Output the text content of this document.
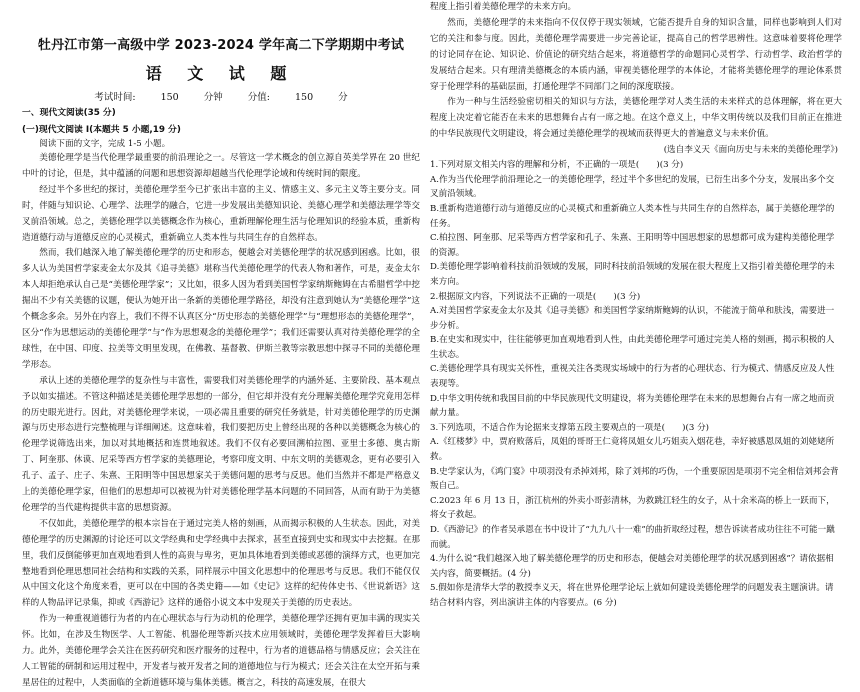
牡丹江市第一高级中学 2023-2024 学年高二下学期期中考试
语 文 试 题
考试时间: 150 分钟	分值: 150 分
一、现代文阅读(35 分)
(一)现代文阅读 I(本题共 5 小题,19 分)

阅读下面的文字，完成 1-5 小题。

美德伦理学是当代伦理学最重要的前沿理论之一。尽管这一学术概念的创立源自英美学界在 20 世纪中叶的讨论，但是，其中蕴涵的问题和思想资源却超越当代伦理学论域和传统时间的限度。

经过半个多世纪的探讨，美德伦理学至今已扩张出丰富的主义、情感主义、多元主义等主要分支。同时，伴随与知识论、心理学、法理学的融合，它进一步发展出美德知识论、美德心理学和美德法理学等交叉前沿领域。总之，美德伦理学以美德概念作为核心，重新理解伦理生活与伦理知识的经验本质，重新构造道德行动与道德反应的心灵模式，重新确立人类本性与共同生存的自然样态。

然而，我们越深入地了解美德伦理学的历史和形态，便越会对美德伦理学的状况感到困惑。比如，很多人认为美国哲学家麦金太尔及其《追寻美德》堪称当代美德伦理学的代表人物和著作，可是，麦金太尔本人却拒绝承认自己是“美德伦理学家”；又比如，很多人因为看到美国哲学家纳斯鲍姆在古希腊哲学中挖掘出不少有关美德的议题，便认为她开出一条新的美德伦理学路径，却没有注意到她认为“美德伦理学”这个概念多余。另外在内容上，我们不得不认真区分“历史形态的美德伦理学”与“理想形态的美德伦理学”，区分“作为思想运动的美德伦理学”与“作为思想观念的美德伦理学”；我们还需要认真对待美德伦理学的全球性，在中国、印度、拉美等文明里发现，在佛教、基督教、伊斯兰教等宗教思想中探寻不同的美德伦理学形态。

承认上述的美德伦理学的复杂性与丰富性，需要我们对美德伦理学的内涵外延、主要阶段、基本观点予以如实描述。不管这种描述是美德伦理学思想的一部分，但它却并没有充分理解美德伦理学究竟用怎样的历史眼光进行。因此，对美德伦理学来说，一项必需且重要的研究任务就是，针对美德伦理学的历史渊源与历史形态进行完整梳理与详细阐述。这意味着，我们要把历史上曾经出现的各种以美德概念为核心的伦理学说筛选出来，加以对其地概括和连贯地叙述。我们不仅有必要回溯柏拉图、亚里士多德、奥古斯丁、阿奎那、休谟、尼采等西方哲学家的美德理论，考察印度文明、中东文明的美德观念，更有必要引入孔子、孟子、庄子、朱熹、王阳明等中国思想家关于美德问题的思考与反思。他们当然并不都是严格意义上的美德伦理学家，但他们的思想却可以被视为针对美德伦理学基本问题的不同回答，从而有助于为美德伦理学的当代建构提供丰富的思想资源。

不仅如此，美德伦理学的根本宗旨在于通过完美人格的刻画，从而揭示积极的人生状态。因此，对美德伦理学的历史渊源的讨论还可以文学经典和史学经典中去探求，甚至直接到史实和现实中去挖掘。在那里，我们反倒能够更加直观地看到人性的高贵与卑劣，更加具体地看到美德或恶德的演绎方式，也更加完整地看到伦理思想同社会结构和实践的关系，同样展示中国文化思想中的伦理思考与反思。我们不能仅仅从中国文化这个角度来看，更可以在中国的各类史籍——如《史记》这样的纪传体史书、《世说新语》这样的人物品评记录集，抑或《西游记》这样的通俗小说文本中发现关于美德的历史表达。

作为一种重视道德行为者的内在心理状态与行为动机的伦理学，美德伦理学还拥有更加丰满的现实关怀。比如，在涉及生物医学、人工智能、机器伦理等新兴技术应用领域时，美德伦理学发挥着巨大影响力。此外，美德伦理学会关注在医药研究和医疗服务的过程中，行为者的道德品格与情感反应；会关注在人工智能的研制和运用过程中，开发者与被开发者之间的道德地位与行为模式；还会关注在太空开拓与乘星居住的过程中，人类面临的全新道德环境与集体美德。概言之，科技的高速发展，在很大

程度上指引着美德伦理学的未来方向。

然而，美德伦理学的未来指向不仅仅停于现实领域，它能否提升自身的知识含量，同样也影响到人们对它的关注和参与度。因此，美德伦理学需要进一步完善论证，提高自己的哲学思辨性。这意味着要将伦理学的讨论同存在论、知识论、价值论的研究结合起来，将道德哲学的命题同心灵哲学、行动哲学、政治哲学的发展结合起来。只有理清美德概念的本质内涵，审视美德伦理学的本体论，才能将美德伦理学的理论体系贯穿于伦理学科的基础层面，打通伦理学不同部门之间的深度联接。

作为一种与生活经验密切相关的知识与方法，美德伦理学对人类生活的未来样式的总体理解，将在更大程度上决定着它能否在未来的思想舞台占有一席之地。在这个意义上，中华文明传统以及我们目前正在推进的中华民族现代文明建设，将会通过美德伦理学的视域而获得更大的普遍意义与未来价值。

(选自李义天《面向历史与未来的美德伦理学》)

1.下列对原文相关内容的理解和分析，不正确的一项是(　　)(3 分)

A.作为当代伦理学前沿理论之一的美德伦理学，经过半个多世纪的发展，已衍生出多个分支，发展出多个交叉前沿领域。

B.重新构造道德行动与道德反应的心灵模式和重新确立人类本性与共同生存的自然样态，属于美德伦理学的任务。

C.柏拉图、阿奎那、尼采等西方哲学家和孔子、朱熹、王阳明等中国思想家的思想都可成为建构美德伦理学的资源。

D.美德伦理学影响着科技前沿领域的发展，同时科技前沿领域的发展在很大程度上又指引着美德伦理学的未来方向。

2.根据原文内容，下列说法不正确的一项是(　　)(3 分)

A.对美国哲学家麦金太尔及其《追寻美德》和美国哲学家纳斯鲍姆的认识，不能流于简单和肤浅，需要进一步分析。

B.在史实和现实中，往往能够更加直观地看到人性，由此美德伦理学可通过完美人格的刻画，揭示积极的人生状态。

C.美德伦理学具有现实关怀性，重视关注各类现实场域中的行为者的心理状态、行为模式、情感反应及人性表现等。

D.中华文明传统和我国目前的中华民族现代文明建设，将为美德伦理学在未来的思想舞台占有一席之地而贡献力量。

3.下列选项，不适合作为论据来支撑第五段主要观点的一项是(　　)(3 分)

A.《红楼梦》中，贾府败落后，凤姐的哥哥王仁竟将凤姐女儿巧姐卖入烟花巷，幸好被感恩凤姐的刘姥姥所救。

B.史学家认为，《鸿门宴》中项羽没有杀掉刘邦，除了刘邦的巧伪，一个重要原因是项羽不完全相信刘邦会背叛自己。

C.2023 年 6 月 13 日，浙江杭州的外卖小哥彭清林，为救跳江轻生的女子，从十余米高的桥上一跃而下，将女子救起。

D.《西游记》的作者吴承恩在书中设计了“九九八十一难”的曲折取经过程，想告诉读者成功往往不可能一蹴而就。

4.为什么说“我们越深入地了解美德伦理学的历史和形态，便越会对美德伦理学的状况感到困惑”？请依据相关内容，简要概括。(4 分)

5.假如你是清华大学的教授李义天，将在世界伦理学论坛上就如何建设美德伦理学的问题发表主题演讲。请结合材料内容，列出演讲主体的内容要点。(6 分)
